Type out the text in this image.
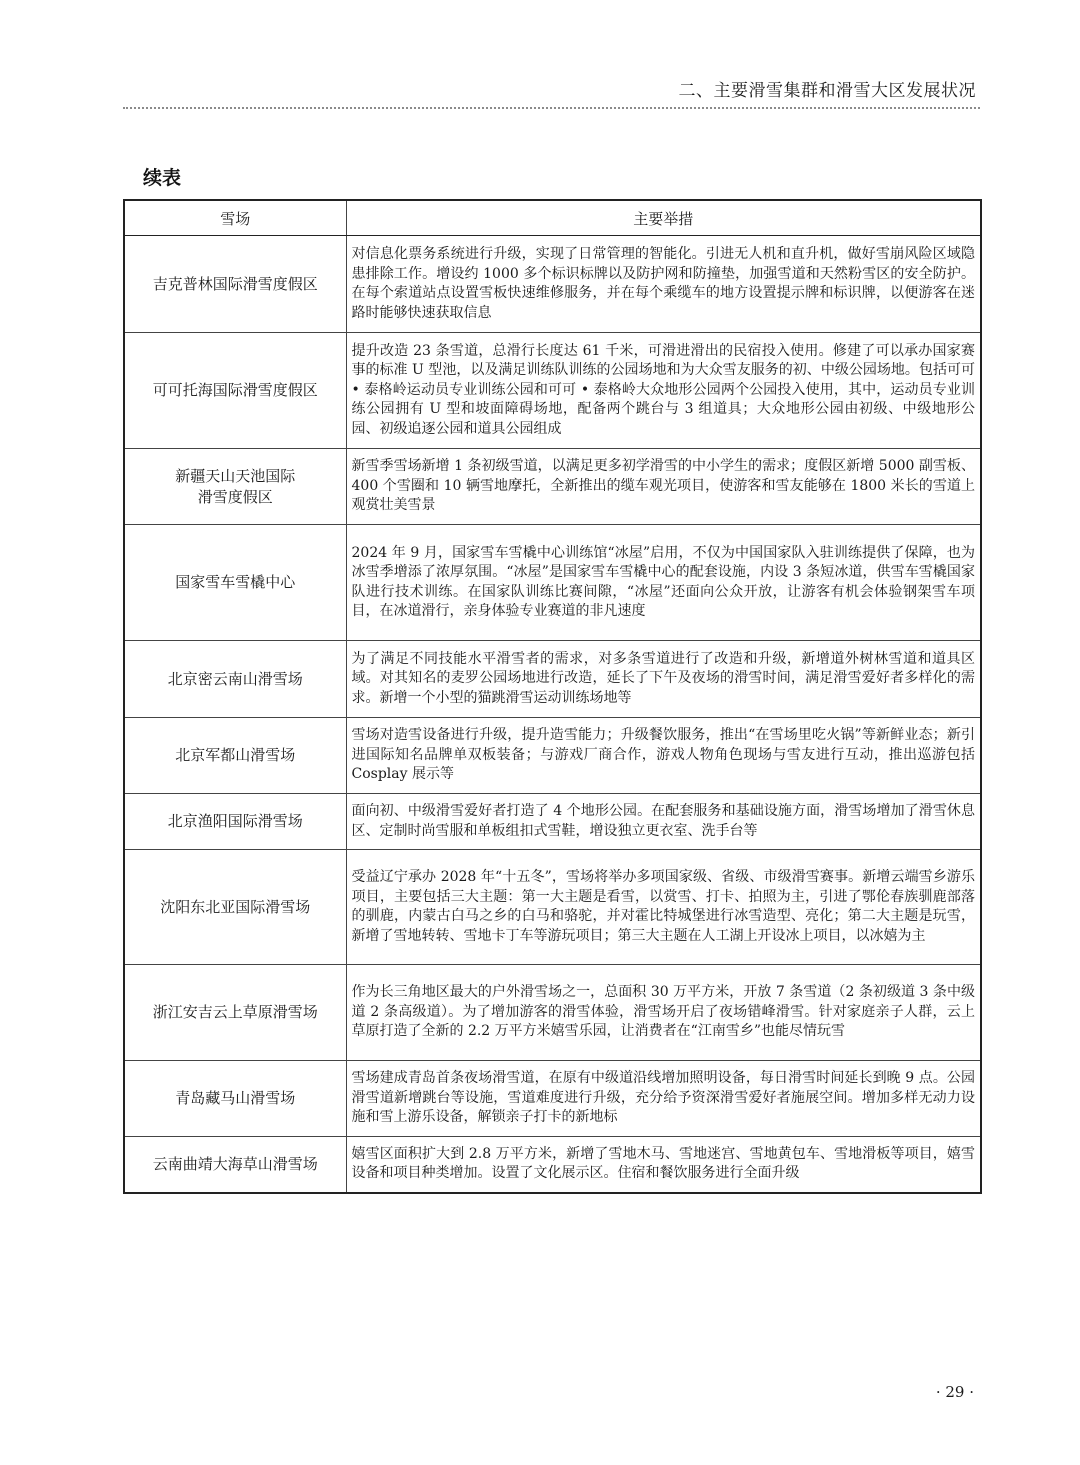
二、主要滑雪集群和滑雪大区发展状况
续表
雪场	主要举措
吉克普林国际滑雪度假区	对信息化票务系统进行升级，实现了日常管理的智能化。引进无人机和直升机，做好雪崩风险区域隐患排除工作。增设约 1000 多个标识标牌以及防护网和防撞垫，加强雪道和天然粉雪区的安全防护。在每个索道站点设置雪板快速维修服务，并在每个乘缆车的地方设置提示牌和标识牌，以便游客在迷路时能够快速获取信息
可可托海国际滑雪度假区	提升改造 23 条雪道，总滑行长度达 61 千米，可滑进滑出的民宿投入使用。修建了可以承办国家赛事的标准 U 型池，以及满足训练队训练的公园场地和为大众雪友服务的初、中级公园场地。包括可可 • 泰格岭运动员专业训练公园和可可 • 泰格岭大众地形公园两个公园投入使用，其中，运动员专业训练公园拥有 U 型和坡面障碍场地，配备两个跳台与 3 组道具；大众地形公园由初级、中级地形公园、初级追逐公园和道具公园组成
新疆天山天池国际滑雪度假区	新雪季雪场新增 1 条初级雪道，以满足更多初学滑雪的中小学生的需求；度假区新增 5000 副雪板、400 个雪圈和 10 辆雪地摩托，全新推出的缆车观光项目，使游客和雪友能够在 1800 米长的雪道上观赏壮美雪景
国家雪车雪橇中心	2024 年 9 月，国家雪车雪橇中心训练馆“冰屋”启用，不仅为中国国家队入驻训练提供了保障，也为冰雪季增添了浓厚氛围。“冰屋”是国家雪车雪橇中心的配套设施，内设 3 条短冰道，供雪车雪橇国家队进行技术训练。在国家队训练比赛间隙，“冰屋”还面向公众开放，让游客有机会体验钢架雪车项目，在冰道滑行，亲身体验专业赛道的非凡速度
北京密云南山滑雪场	为了满足不同技能水平滑雪者的需求，对多条雪道进行了改造和升级，新增道外树林雪道和道具区域。对其知名的麦罗公园场地进行改造，延长了下午及夜场的滑雪时间，满足滑雪爱好者多样化的需求。新增一个小型的猫跳滑雪运动训练场地等
北京军都山滑雪场	雪场对造雪设备进行升级，提升造雪能力；升级餐饮服务，推出“在雪场里吃火锅”等新鲜业态；新引进国际知名品牌单双板装备；与游戏厂商合作，游戏人物角色现场与雪友进行互动，推出巡游包括 Cosplay 展示等
北京渔阳国际滑雪场	面向初、中级滑雪爱好者打造了 4 个地形公园。在配套服务和基础设施方面，滑雪场增加了滑雪休息区、定制时尚雪服和单板组扣式雪鞋，增设独立更衣室、洗手台等
沈阳东北亚国际滑雪场	受益辽宁承办 2028 年“十五冬”，雪场将举办多项国家级、省级、市级滑雪赛事。新增云端雪乡游乐项目，主要包括三大主题：第一大主题是看雪，以赏雪、打卡、拍照为主，引进了鄂伦春族驯鹿部落的驯鹿，内蒙古白马之乡的白马和骆驼，并对霍比特城堡进行冰雪造型、亮化；第二大主题是玩雪，新增了雪地转转、雪地卡丁车等游玩项目；第三大主题在人工湖上开设冰上项目，以冰嬉为主
浙江安吉云上草原滑雪场	作为长三角地区最大的户外滑雪场之一，总面积 30 万平方米，开放 7 条雪道（2 条初级道 3 条中级道 2 条高级道）。为了增加游客的滑雪体验，滑雪场开启了夜场错峰滑雪。针对家庭亲子人群，云上草原打造了全新的 2.2 万平方米嬉雪乐园，让消费者在“江南雪乡”也能尽情玩雪
青岛藏马山滑雪场	雪场建成青岛首条夜场滑雪道，在原有中级道沿线增加照明设备，每日滑雪时间延长到晚 9 点。公园滑雪道新增跳台等设施，雪道难度进行升级，充分给予资深滑雪爱好者施展空间。增加多样无动力设施和雪上游乐设备，解锁亲子打卡的新地标
云南曲靖大海草山滑雪场	嬉雪区面积扩大到 2.8 万平方米，新增了雪地木马、雪地迷宫、雪地黄包车、雪地滑板等项目，嬉雪设备和项目种类增加。设置了文化展示区。住宿和餐饮服务进行全面升级
· 29 ·
